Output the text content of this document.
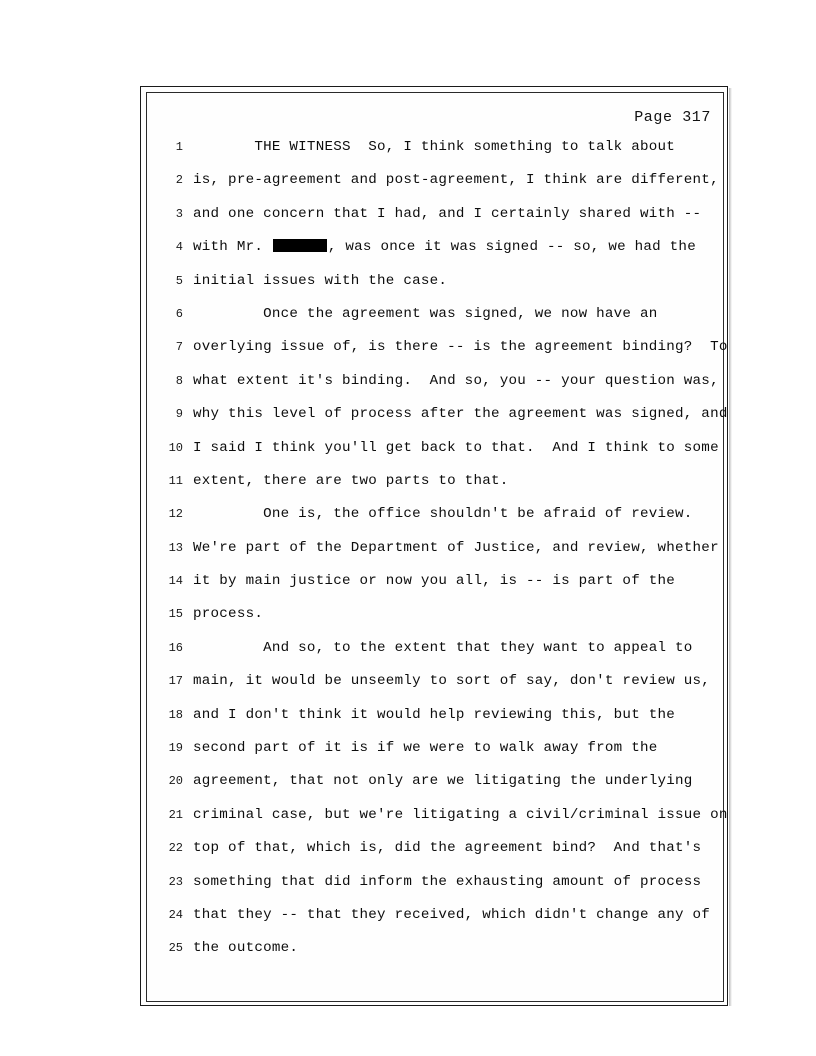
Page 317
1 THE WITNESS  So, I think something to talk about
2 is, pre-agreement and post-agreement, I think are different,
3 and one concern that I had, and I certainly shared with --
4 with Mr.	, was once it was signed -- so, we had the
5 initial issues with the case.
6 Once the agreement was signed, we now have an
7 overlying issue of, is there -- is the agreement binding?  To
8 what extent it's binding.  And so, you -- your question was,
9 why this level of process after the agreement was signed, and
10 I said I think you'll get back to that.  And I think to some
11 extent, there are two parts to that.
12 One is, the office shouldn't be afraid of review.
13 We're part of the Department of Justice, and review, whether
14 it by main justice or now you all, is -- is part of the
15 process.
16 And so, to the extent that they want to appeal to
17 main, it would be unseemly to sort of say, don't review us,
18 and I don't think it would help reviewing this, but the
19 second part of it is if we were to walk away from the
20 agreement, that not only are we litigating the underlying
21 criminal case, but we're litigating a civil/criminal issue on
22 top of that, which is, did the agreement bind?  And that's
23 something that did inform the exhausting amount of process
24 that they -- that they received, which didn't change any of
25 the outcome.
